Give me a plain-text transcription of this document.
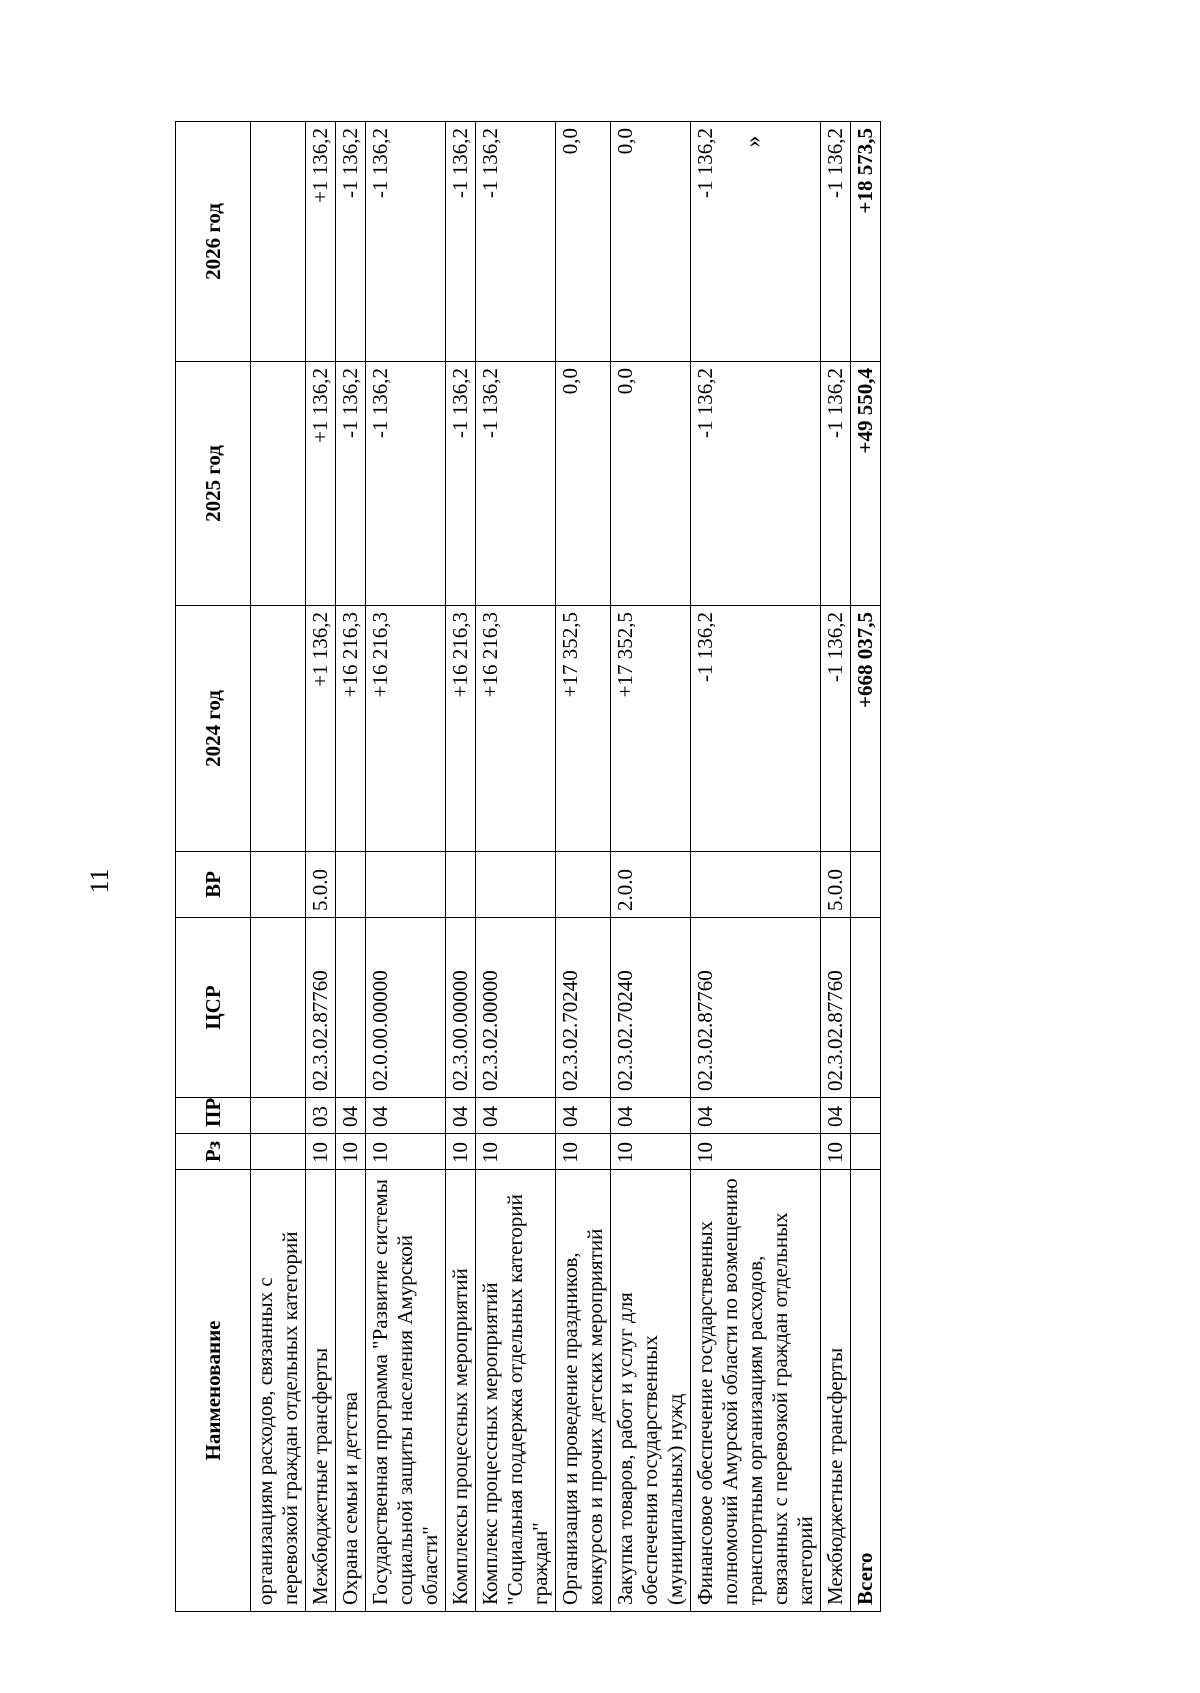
11
»
Наименование	Рз	ПР	ЦСР	ВР	2024 год	2025 год	2026 год
организациям расходов, связанных с перевозкой граждан отдельных категорий							
Межбюджетные трансферты	10	03	02.3.02.87760	5.0.0	+1 136,2	+1 136,2	+1 136,2
Охрана семьи и детства	10	04			+16 216,3	-1 136,2	-1 136,2
Государственная программа "Развитие системы социальной защиты населения Амурской области"	10	04	02.0.00.00000		+16 216,3	-1 136,2	-1 136,2
Комплексы процессных мероприятий	10	04	02.3.00.00000		+16 216,3	-1 136,2	-1 136,2
Комплекс процессных мероприятий "Социальная поддержка отдельных категорий граждан"	10	04	02.3.02.00000		+16 216,3	-1 136,2	-1 136,2
Организация и проведение праздников, конкурсов и прочих детских мероприятий	10	04	02.3.02.70240		+17 352,5	0,0	0,0
Закупка товаров, работ и услуг для обеспечения государственных (муниципальных) нужд	10	04	02.3.02.70240	2.0.0	+17 352,5	0,0	0,0
Финансовое обеспечение государственных полномочий Амурской области по возмещению транспортным организациям расходов, связанных с перевозкой граждан отдельных категорий	10	04	02.3.02.87760		-1 136,2	-1 136,2	-1 136,2
Межбюджетные трансферты	10	04	02.3.02.87760	5.0.0	-1 136,2	-1 136,2	-1 136,2
Всего					+668 037,5	+49 550,4	+18 573,5
